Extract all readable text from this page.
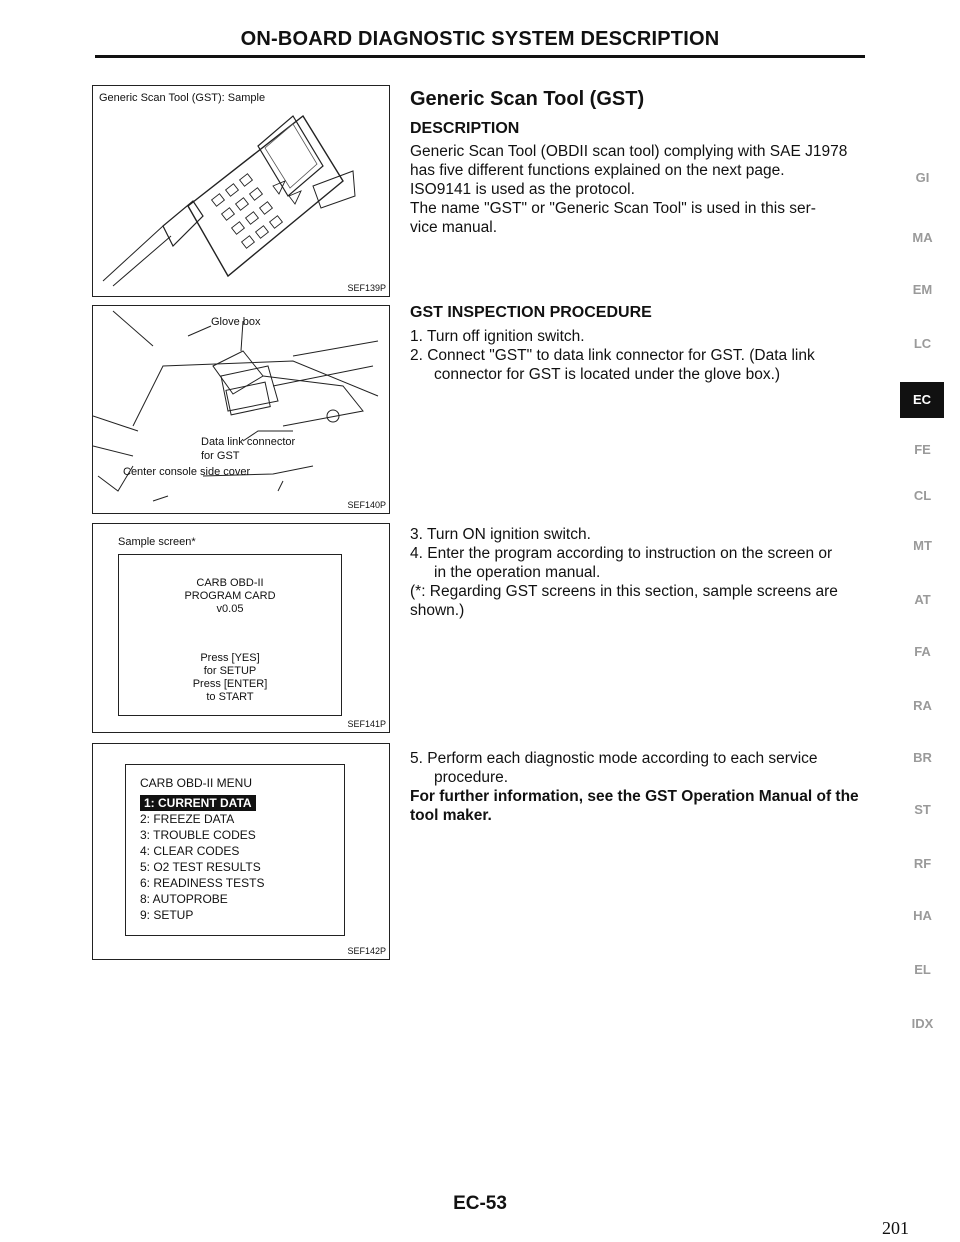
ON-BOARD DIAGNOSTIC SYSTEM DESCRIPTION
Generic Scan Tool (GST): Sample
SEF139P
Glove box
Data link connector
for GST
Center console side cover
SEF140P
Sample screen*
CARB OBD-II
PROGRAM CARD
v0.05
Press [YES]
for SETUP
Press [ENTER]
to START
SEF141P
CARB OBD-II MENU
1: CURRENT DATA
2: FREEZE DATA
3: TROUBLE CODES
4: CLEAR CODES
5: O2 TEST RESULTS
6: READINESS TESTS
8: AUTOPROBE
9: SETUP
SEF142P
Generic Scan Tool (GST)
DESCRIPTION

Generic Scan Tool (OBDII scan tool) complying with SAE J1978

has five different functions explained on the next page.

ISO9141 is used as the protocol.

The name "GST" or "Generic Scan Tool" is used in this ser-

vice manual.

GST INSPECTION PROCEDURE

1. Turn off ignition switch.

2. Connect "GST" to data link connector for GST. (Data link

connector for GST is located under the glove box.)

3. Turn ON ignition switch.

4. Enter the program according to instruction on the screen or

in the operation manual.

(*: Regarding GST screens in this section, sample screens are

shown.)

5. Perform each diagnostic mode according to each service

procedure.

For further information, see the GST Operation Manual of the

tool maker.

GI
MA
EM
LC
EC
FE
CL
MT
AT
FA
RA
BR
ST
RF
HA
EL
IDX
EC-53
201
